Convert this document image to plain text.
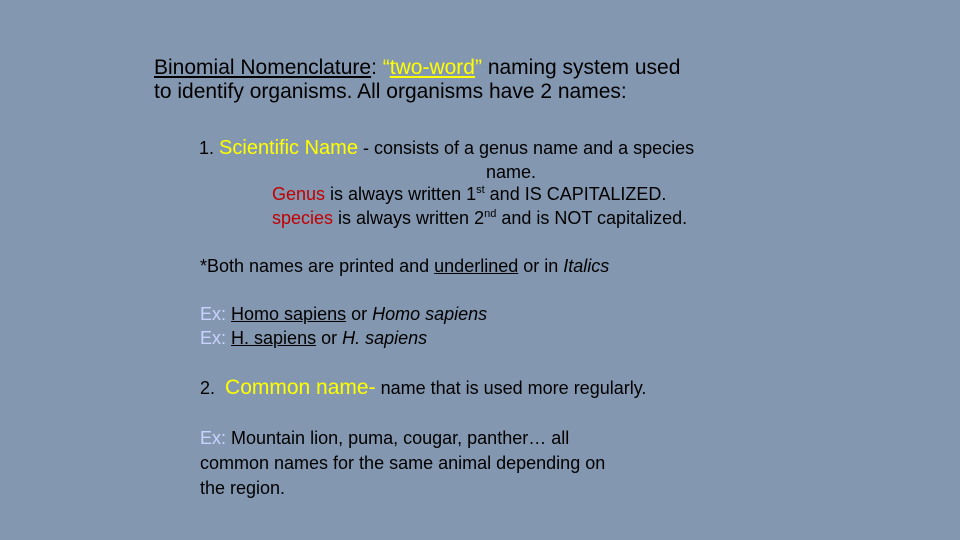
Binomial Nomenclature: “two-word” naming system used
to identify organisms. All organisms have 2 names:
1. Scientific Name - consists of a genus name and a species
name.
Genus is always written 1st and IS CAPITALIZED.
species is always written 2nd and is NOT capitalized.
*Both names are printed and underlined or in Italics
Ex: Homo sapiens or Homo sapiens
Ex: H. sapiens or H. sapiens
2. Common name- name that is used more regularly.
Ex: Mountain lion, puma, cougar, panther… all
common names for the same animal depending on
the region.
